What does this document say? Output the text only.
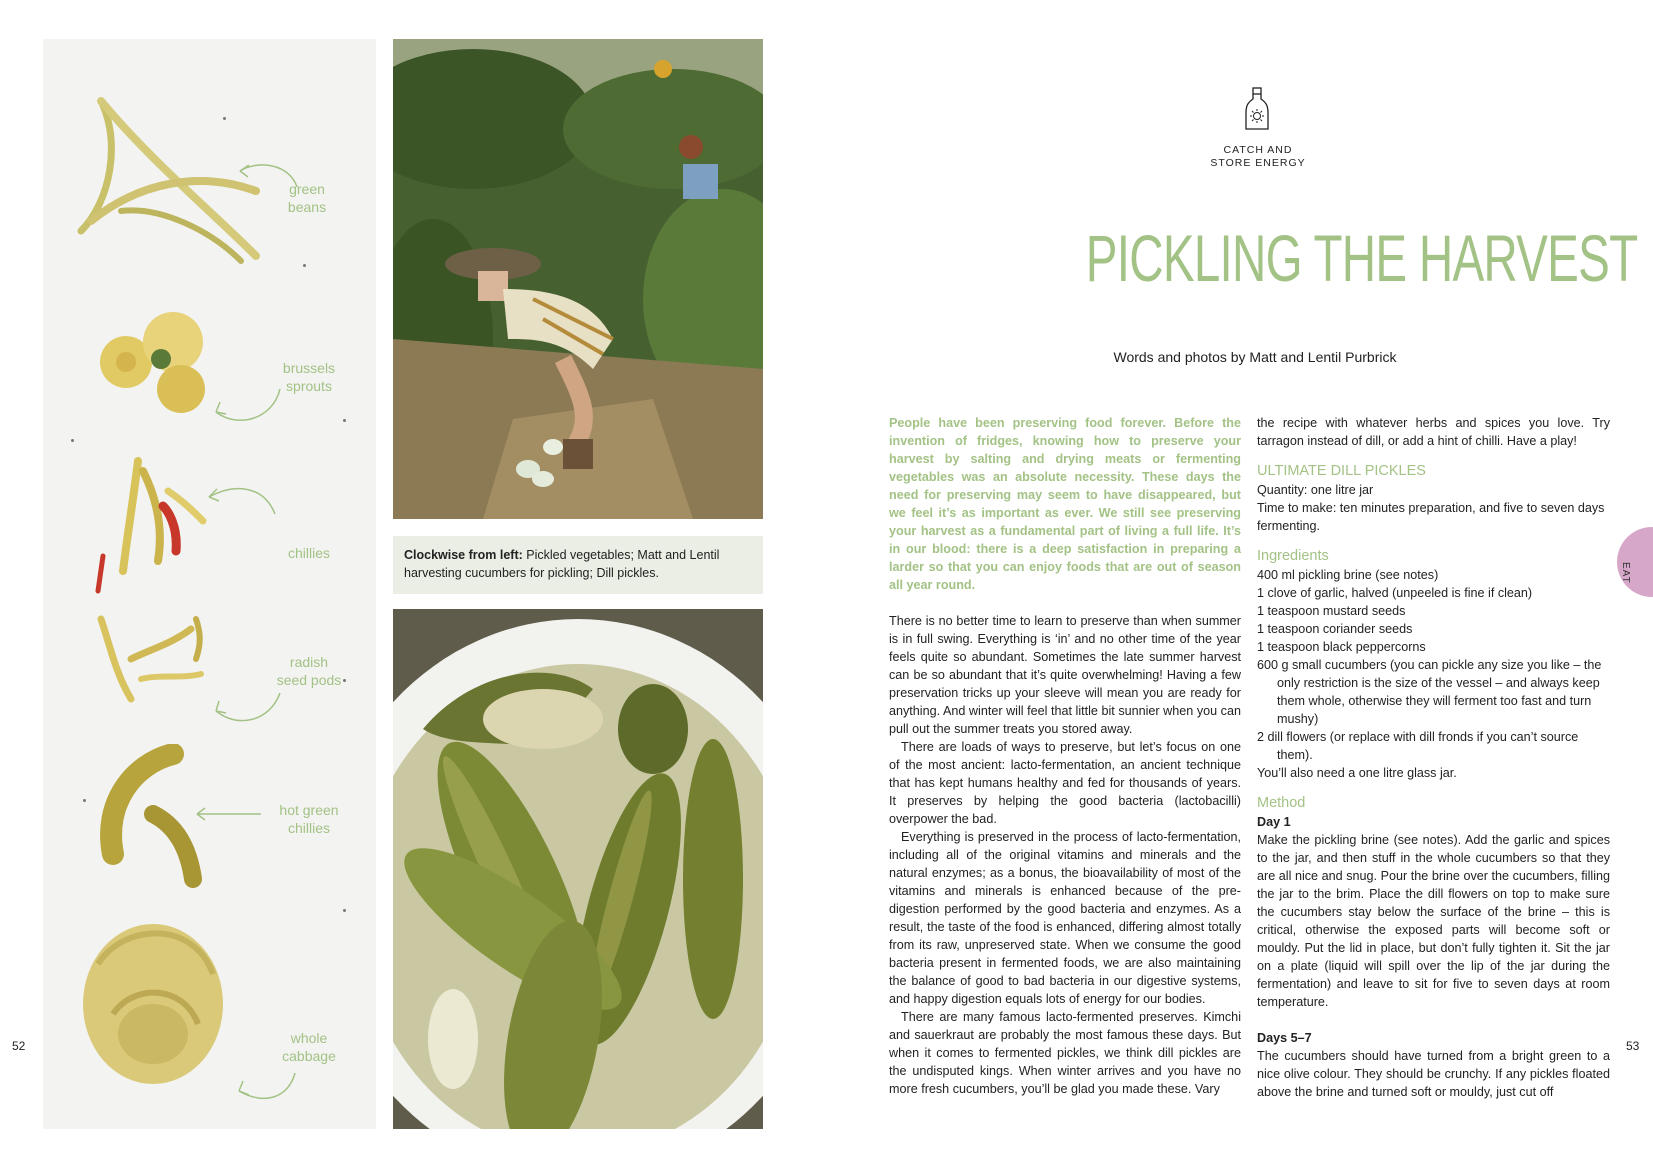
green
beans
brussels
sprouts
chillies
radish
seed pods
hot green
chillies
whole
cabbage
Clockwise from left: Pickled vegetables; Matt and Lentil harvesting cucumbers for pickling; Dill pickles.
52
CATCH AND
STORE ENERGY
PICKLING THE HARVEST
Words and photos by Matt and Lentil Purbrick

People have been preserving food forever. Before the invention of fridges, knowing how to preserve your harvest by salting and drying meats or fermenting vegetables was an absolute necessity. These days the need for preserving may seem to have disappeared, but we feel it’s as important as ever. We still see preserving your harvest as a fundamental part of living a full life. It’s in our blood: there is a deep satisfaction in preparing a larder so that you can enjoy foods that are out of season all year round.

There is no better time to learn to preserve than when summer is in full swing. Everything is ‘in’ and no other time of the year feels quite so abundant. Sometimes the late summer harvest can be so abundant that it’s quite overwhelming! Having a few preservation tricks up your sleeve will mean you are ready for anything. And winter will feel that little bit sunnier when you can pull out the summer treats you stored away.

There are loads of ways to preserve, but let’s focus on one of the most ancient: lacto-fermentation, an ancient technique that has kept humans healthy and fed for thousands of years. It preserves by helping the good bacteria (lactobacilli) overpower the bad.

Everything is preserved in the process of lacto-fermentation, including all of the original vitamins and minerals and the natural enzymes; as a bonus, the bioavailability of most of the vitamins and minerals is enhanced because of the pre-digestion performed by the good bacteria and enzymes. As a result, the taste of the food is enhanced, differing almost totally from its raw, unpreserved state. When we consume the good bacteria present in fermented foods, we are also maintaining the balance of good to bad bacteria in our digestive systems, and happy digestion equals lots of energy for our bodies.

There are many famous lacto-fermented preserves. Kimchi and sauerkraut are probably the most famous these days. But when it comes to fermented pickles, we think dill pickles are the undisputed kings. When winter arrives and you have no more fresh cucumbers, you’ll be glad you made these. Vary

the recipe with whatever herbs and spices you love. Try tarragon instead of dill, or add a hint of chilli. Have a play!

ULTIMATE DILL PICKLES

Quantity: one litre jar

Time to make: ten minutes preparation, and five to seven days fermenting.

Ingredients

400 ml pickling brine (see notes)
1 clove of garlic, halved (unpeeled is fine if clean)
1 teaspoon mustard seeds
1 teaspoon coriander seeds
1 teaspoon black peppercorns
600 g small cucumbers (you can pickle any size you like – the only restriction is the size of the vessel – and always keep them whole, otherwise they will ferment too fast and turn mushy)
2 dill flowers (or replace with dill fronds if you can’t source them).
You’ll also need a one litre glass jar.

Method

Day 1

Make the pickling brine (see notes). Add the garlic and spices to the jar, and then stuff in the whole cucumbers so that they are all nice and snug. Pour the brine over the cucumbers, filling the jar to the brim. Place the dill flowers on top to make sure the cucumbers stay below the surface of the brine – this is critical, otherwise the exposed parts will become soft or mouldy. Put the lid in place, but don’t fully tighten it. Sit the jar on a plate (liquid will spill over the lip of the jar during the fermentation) and leave to sit for five to seven days at room temperature.

Days 5–7

The cucumbers should have turned from a bright green to a nice olive colour. They should be crunchy. If any pickles floated above the brine and turned soft or mouldy, just cut off

EAT
53
